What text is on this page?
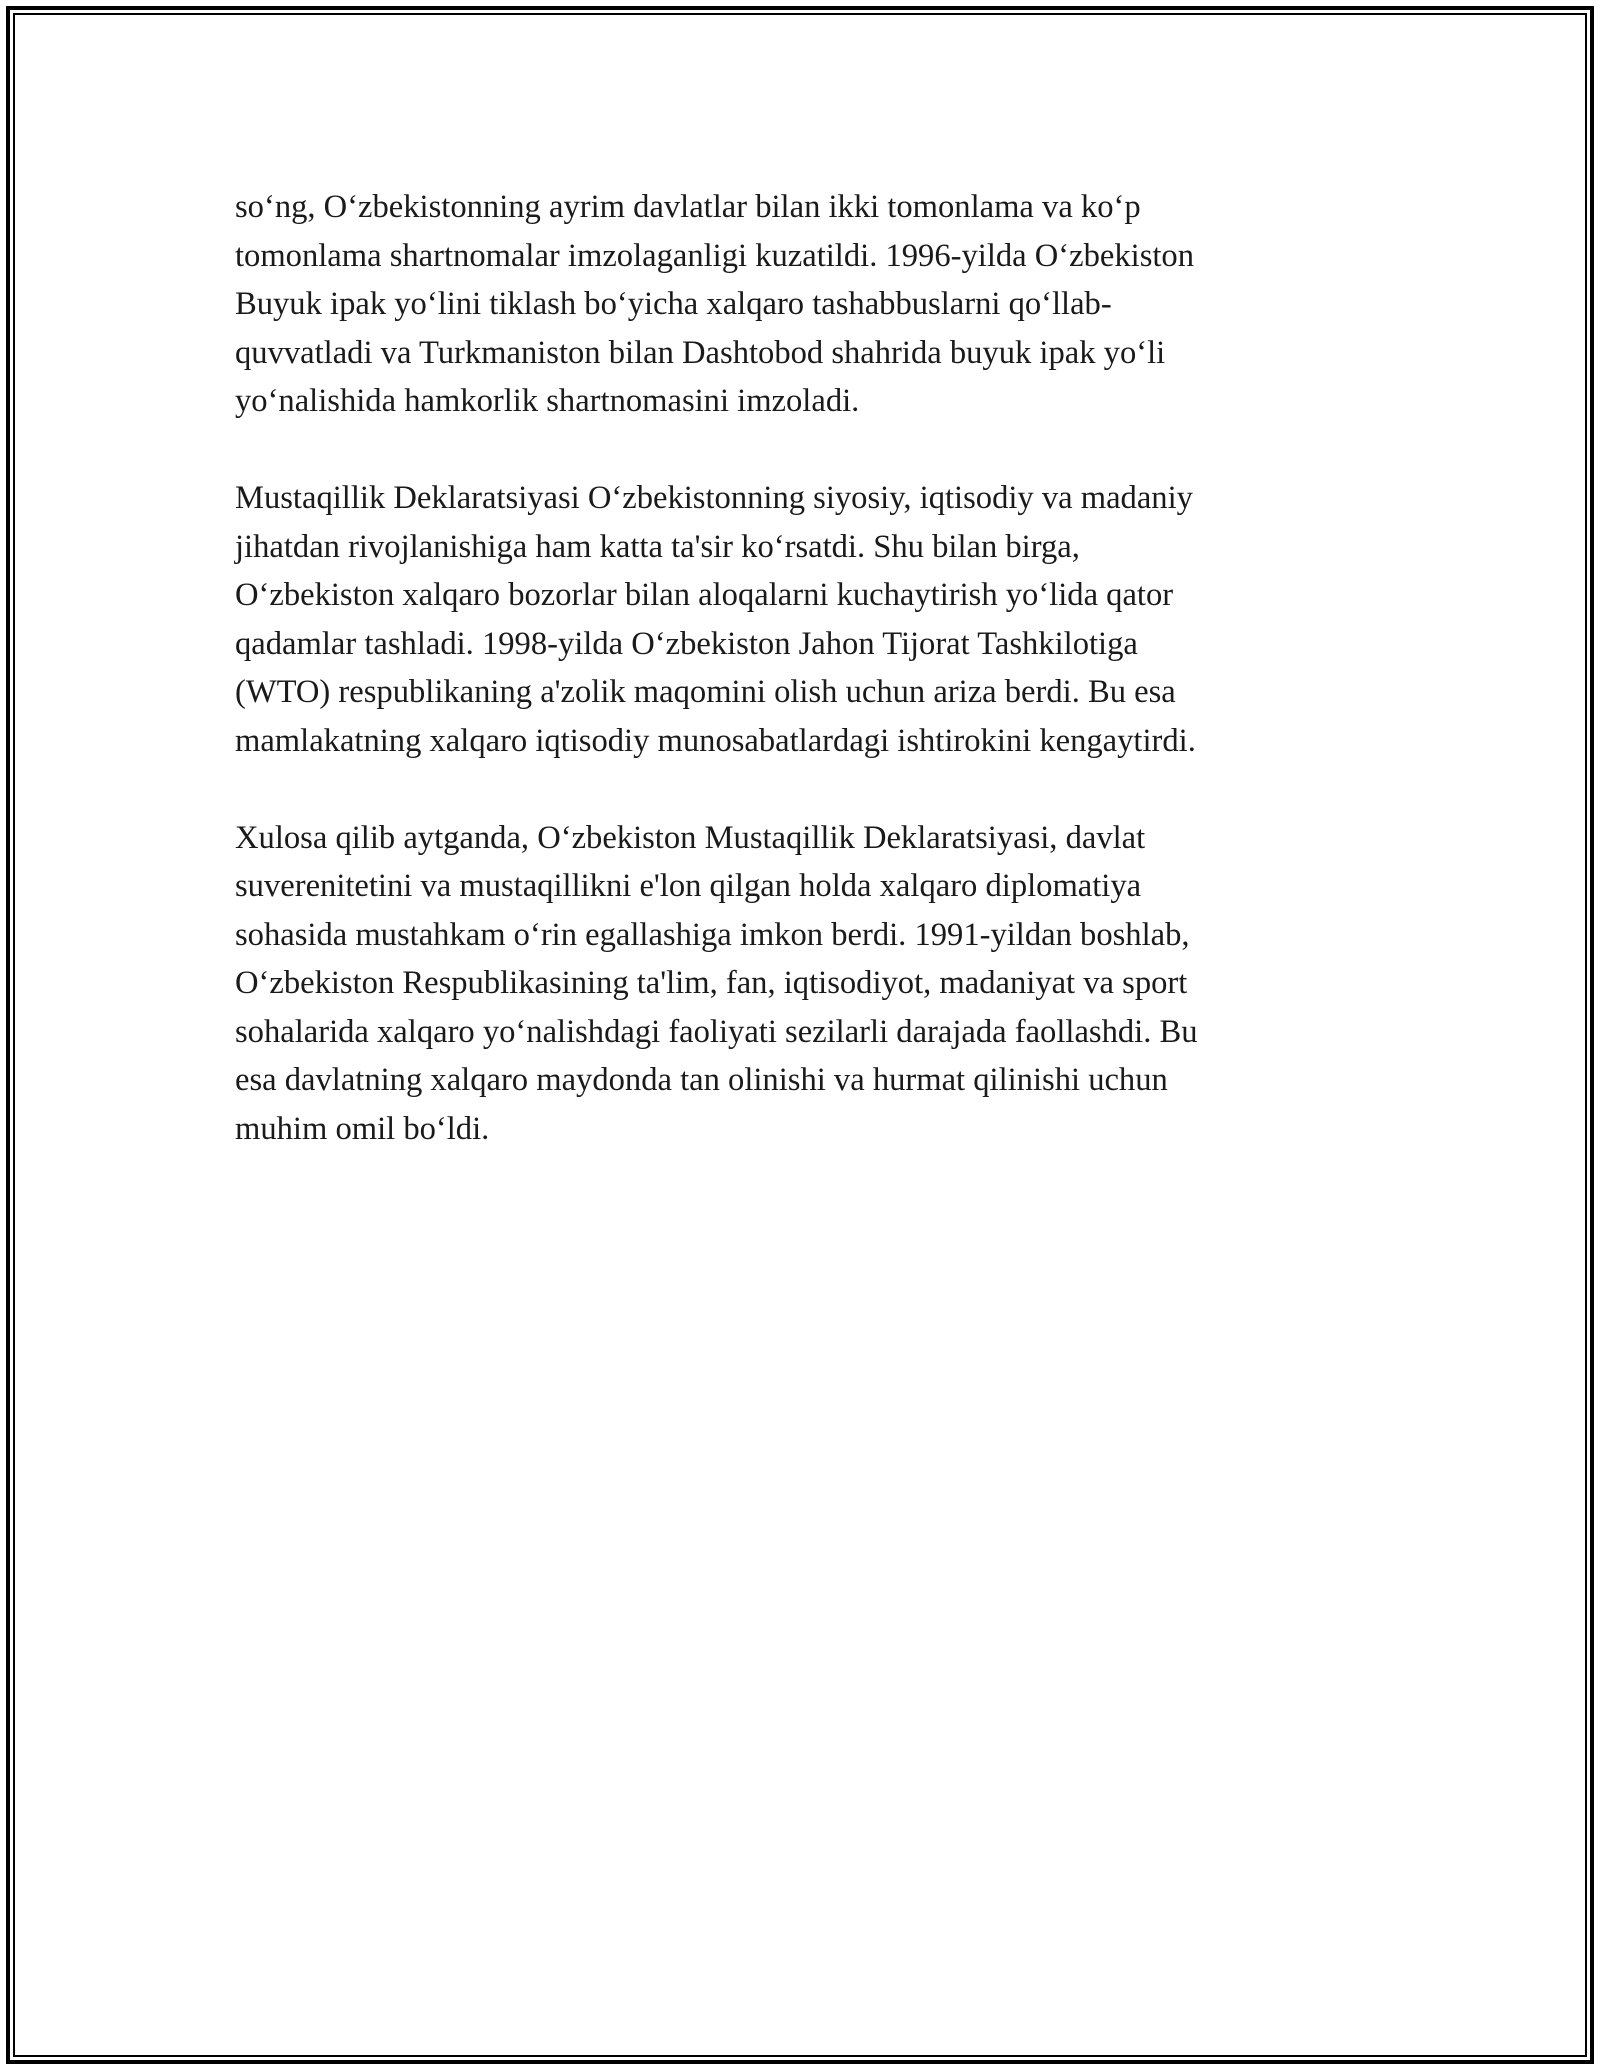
so‘ng, O‘zbekistonning ayrim davlatlar bilan ikki tomonlama va ko‘p
tomonlama shartnomalar imzolaganligi kuzatildi. 1996-yilda O‘zbekiston
Buyuk ipak yo‘lini tiklash bo‘yicha xalqaro tashabbuslarni qo‘llab-
quvvatladi va Turkmaniston bilan Dashtobod shahrida buyuk ipak yo‘li
yo‘nalishida hamkorlik shartnomasini imzoladi.

Mustaqillik Deklaratsiyasi O‘zbekistonning siyosiy, iqtisodiy va madaniy
jihatdan rivojlanishiga ham katta ta'sir ko‘rsatdi. Shu bilan birga,
O‘zbekiston xalqaro bozorlar bilan aloqalarni kuchaytirish yo‘lida qator
qadamlar tashladi. 1998-yilda O‘zbekiston Jahon Tijorat Tashkilotiga
(WTO) respublikaning a'zolik maqomini olish uchun ariza berdi. Bu esa
mamlakatning xalqaro iqtisodiy munosabatlardagi ishtirokini kengaytirdi.

Xulosa qilib aytganda, O‘zbekiston Mustaqillik Deklaratsiyasi, davlat
suverenitetini va mustaqillikni e'lon qilgan holda xalqaro diplomatiya
sohasida mustahkam o‘rin egallashiga imkon berdi. 1991-yildan boshlab,
O‘zbekiston Respublikasining ta'lim, fan, iqtisodiyot, madaniyat va sport
sohalarida xalqaro yo‘nalishdagi faoliyati sezilarli darajada faollashdi. Bu
esa davlatning xalqaro maydonda tan olinishi va hurmat qilinishi uchun
muhim omil bo‘ldi.
